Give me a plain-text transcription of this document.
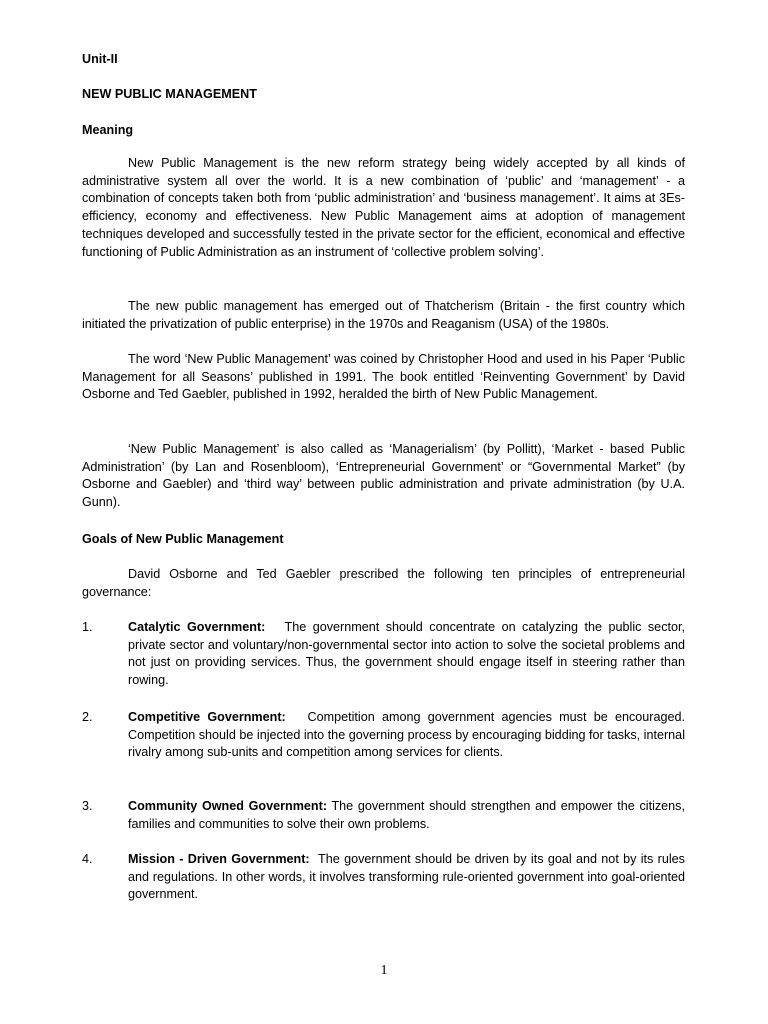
Unit-II
NEW PUBLIC MANAGEMENT
Meaning

New Public Management is the new reform strategy being widely accepted by all kinds of administrative system all over the world. It is a new combination of ‘public’ and ‘management’ - a combination of concepts taken both from ‘public administration’ and ‘business management’. It aims at 3Es- efficiency, economy and effectiveness. New Public Management aims at adoption of management techniques developed and successfully tested in the private sector for the efficient, economical and effective functioning of Public Administration as an instrument of ‘collective problem solving’.

The new public management has emerged out of Thatcherism (Britain - the first country which initiated the privatization of public enterprise) in the 1970s and Reaganism (USA) of the 1980s.

The word ‘New Public Management’ was coined by Christopher Hood and used in his Paper ‘Public Management for all Seasons’ published in 1991. The book entitled ‘Reinventing Government’ by David Osborne and Ted Gaebler, published in 1992, heralded the birth of New Public Management.

‘New Public Management’ is also called as ‘Managerialism’ (by Pollitt), ‘Market - based Public Administration’ (by Lan and Rosenbloom), ‘Entrepreneurial Government’ or “Governmental Market” (by Osborne and Gaebler) and ‘third way’ between public administration and private administration (by U.A. Gunn).

Goals of New Public Management

David Osborne and Ted Gaebler prescribed the following ten principles of entrepreneurial governance:

1.	Catalytic Government: The government should concentrate on catalyzing the public sector, private sector and voluntary/non-governmental sector into action to solve the societal problems and not just on providing services. Thus, the government should engage itself in steering rather than rowing.
2.	Competitive Government: Competition among government agencies must be encouraged. Competition should be injected into the governing process by encouraging bidding for tasks, internal rivalry among sub-units and competition among services for clients.
3.	Community Owned Government: The government should strengthen and empower the citizens, families and communities to solve their own problems.
4.	Mission - Driven Government: The government should be driven by its goal and not by its rules and regulations. In other words, it involves transforming rule-oriented government into goal-oriented government.
1
